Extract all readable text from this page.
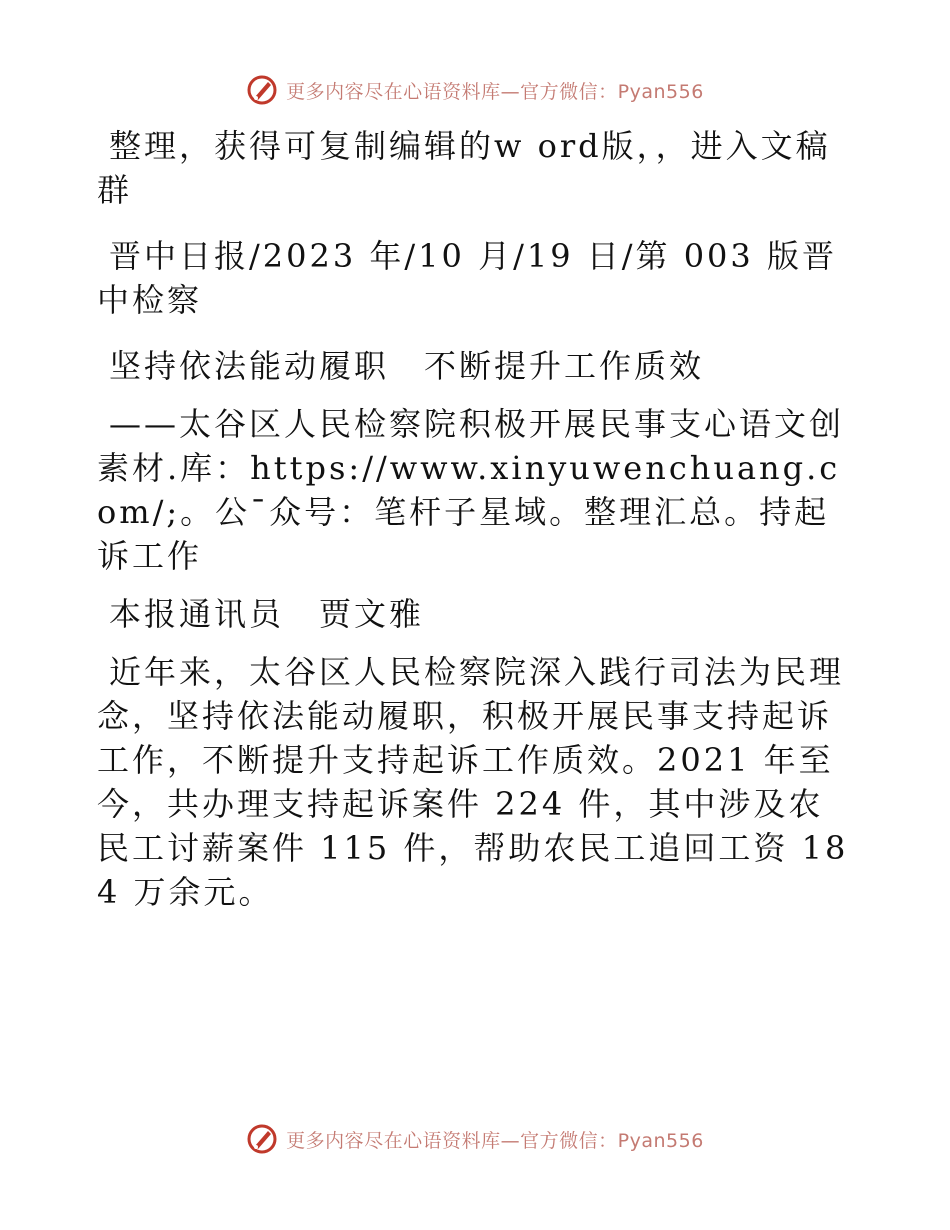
更多内容尽在心语资料库—官方微信：Pyan556

整理，获得可复制编辑的w ord版，，进入文稿群

晋中日报/2023 年/10 月/19 日/第 003 版晋中检察

坚持依法能动履职　不断提升工作质效

——太谷区人民检察院积极开展民事支心语文创素材.库：https://www.xinyuwenchuang.com/;。公¯众号：笔杆子星域。整理汇总。持起诉工作

本报通讯员　贾文雅

近年来，太谷区人民检察院深入践行司法为民理念，坚持依法能动履职，积极开展民事支持起诉工作，不断提升支持起诉工作质效。2021 年至今，共办理支持起诉案件 224 件，其中涉及农民工讨薪案件 115 件，帮助农民工追回工资 184 万余元。

更多内容尽在心语资料库—官方微信：Pyan556
